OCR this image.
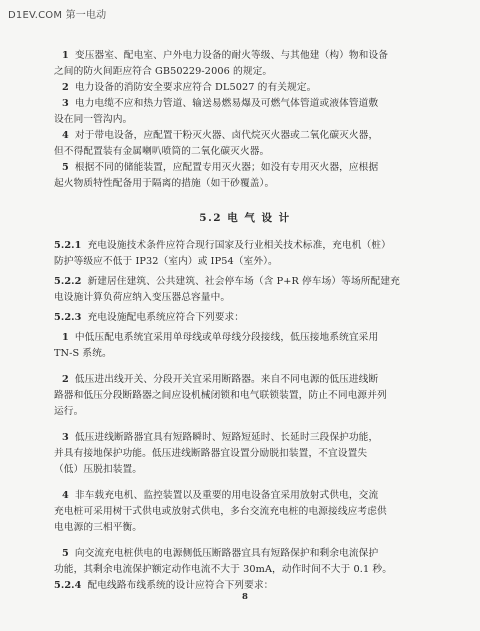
D1EV.COM 第一电动
1 变压器室、配电室、户外电力设备的耐火等级、与其他建（构）物和设备
之间的防火间距应符合 GB50229-2006 的规定。
2 电力设备的消防安全要求应符合 DL5027 的有关规定。
3 电力电缆不应和热力管道、输送易燃易爆及可燃气体管道或液体管道敷
设在同一管沟内。
4 对于带电设备，应配置干粉灭火器、卤代烷灭火器或二氧化碳灭火器，
但不得配置装有金属喇叭喷筒的二氧化碳灭火器。
5 根据不同的储能装置，应配置专用灭火器；如没有专用灭火器，应根据
起火物质特性配备用于隔离的措施（如干砂覆盖）。
5.2 电 气 设 计
5.2.1 充电设施技术条件应符合现行国家及行业相关技术标准，充电机（桩）
防护等级应不低于 IP32（室内）或 IP54（室外）。
5.2.2 新建居住建筑、公共建筑、社会停车场（含 P+R 停车场）等场所配建充
电设施计算负荷应纳入变压器总容量中。
5.2.3 充电设施配电系统应符合下列要求：
1 中低压配电系统宜采用单母线或单母线分段接线，低压接地系统宜采用
TN-S 系统。
2 低压进出线开关、分段开关宜采用断路器。来自不同电源的低压进线断
路器和低压分段断路器之间应设机械闭锁和电气联锁装置，防止不同电源并列
运行。
3 低压进线断路器宜具有短路瞬时、短路短延时、长延时三段保护功能，
并具有接地保护功能。低压进线断路器宜设置分励脱扣装置，不宜设置失
（低）压脱扣装置。
4 非车载充电机、监控装置以及重要的用电设备宜采用放射式供电，交流
充电桩可采用树干式供电或放射式供电，多台交流充电桩的电源接线应考虑供
电电源的三相平衡。
5 向交流充电桩供电的电源侧低压断路器宜具有短路保护和剩余电流保护
功能，其剩余电流保护额定动作电流不大于 30mA，动作时间不大于 0.1 秒。
5.2.4 配电线路布线系统的设计应符合下列要求：
8
